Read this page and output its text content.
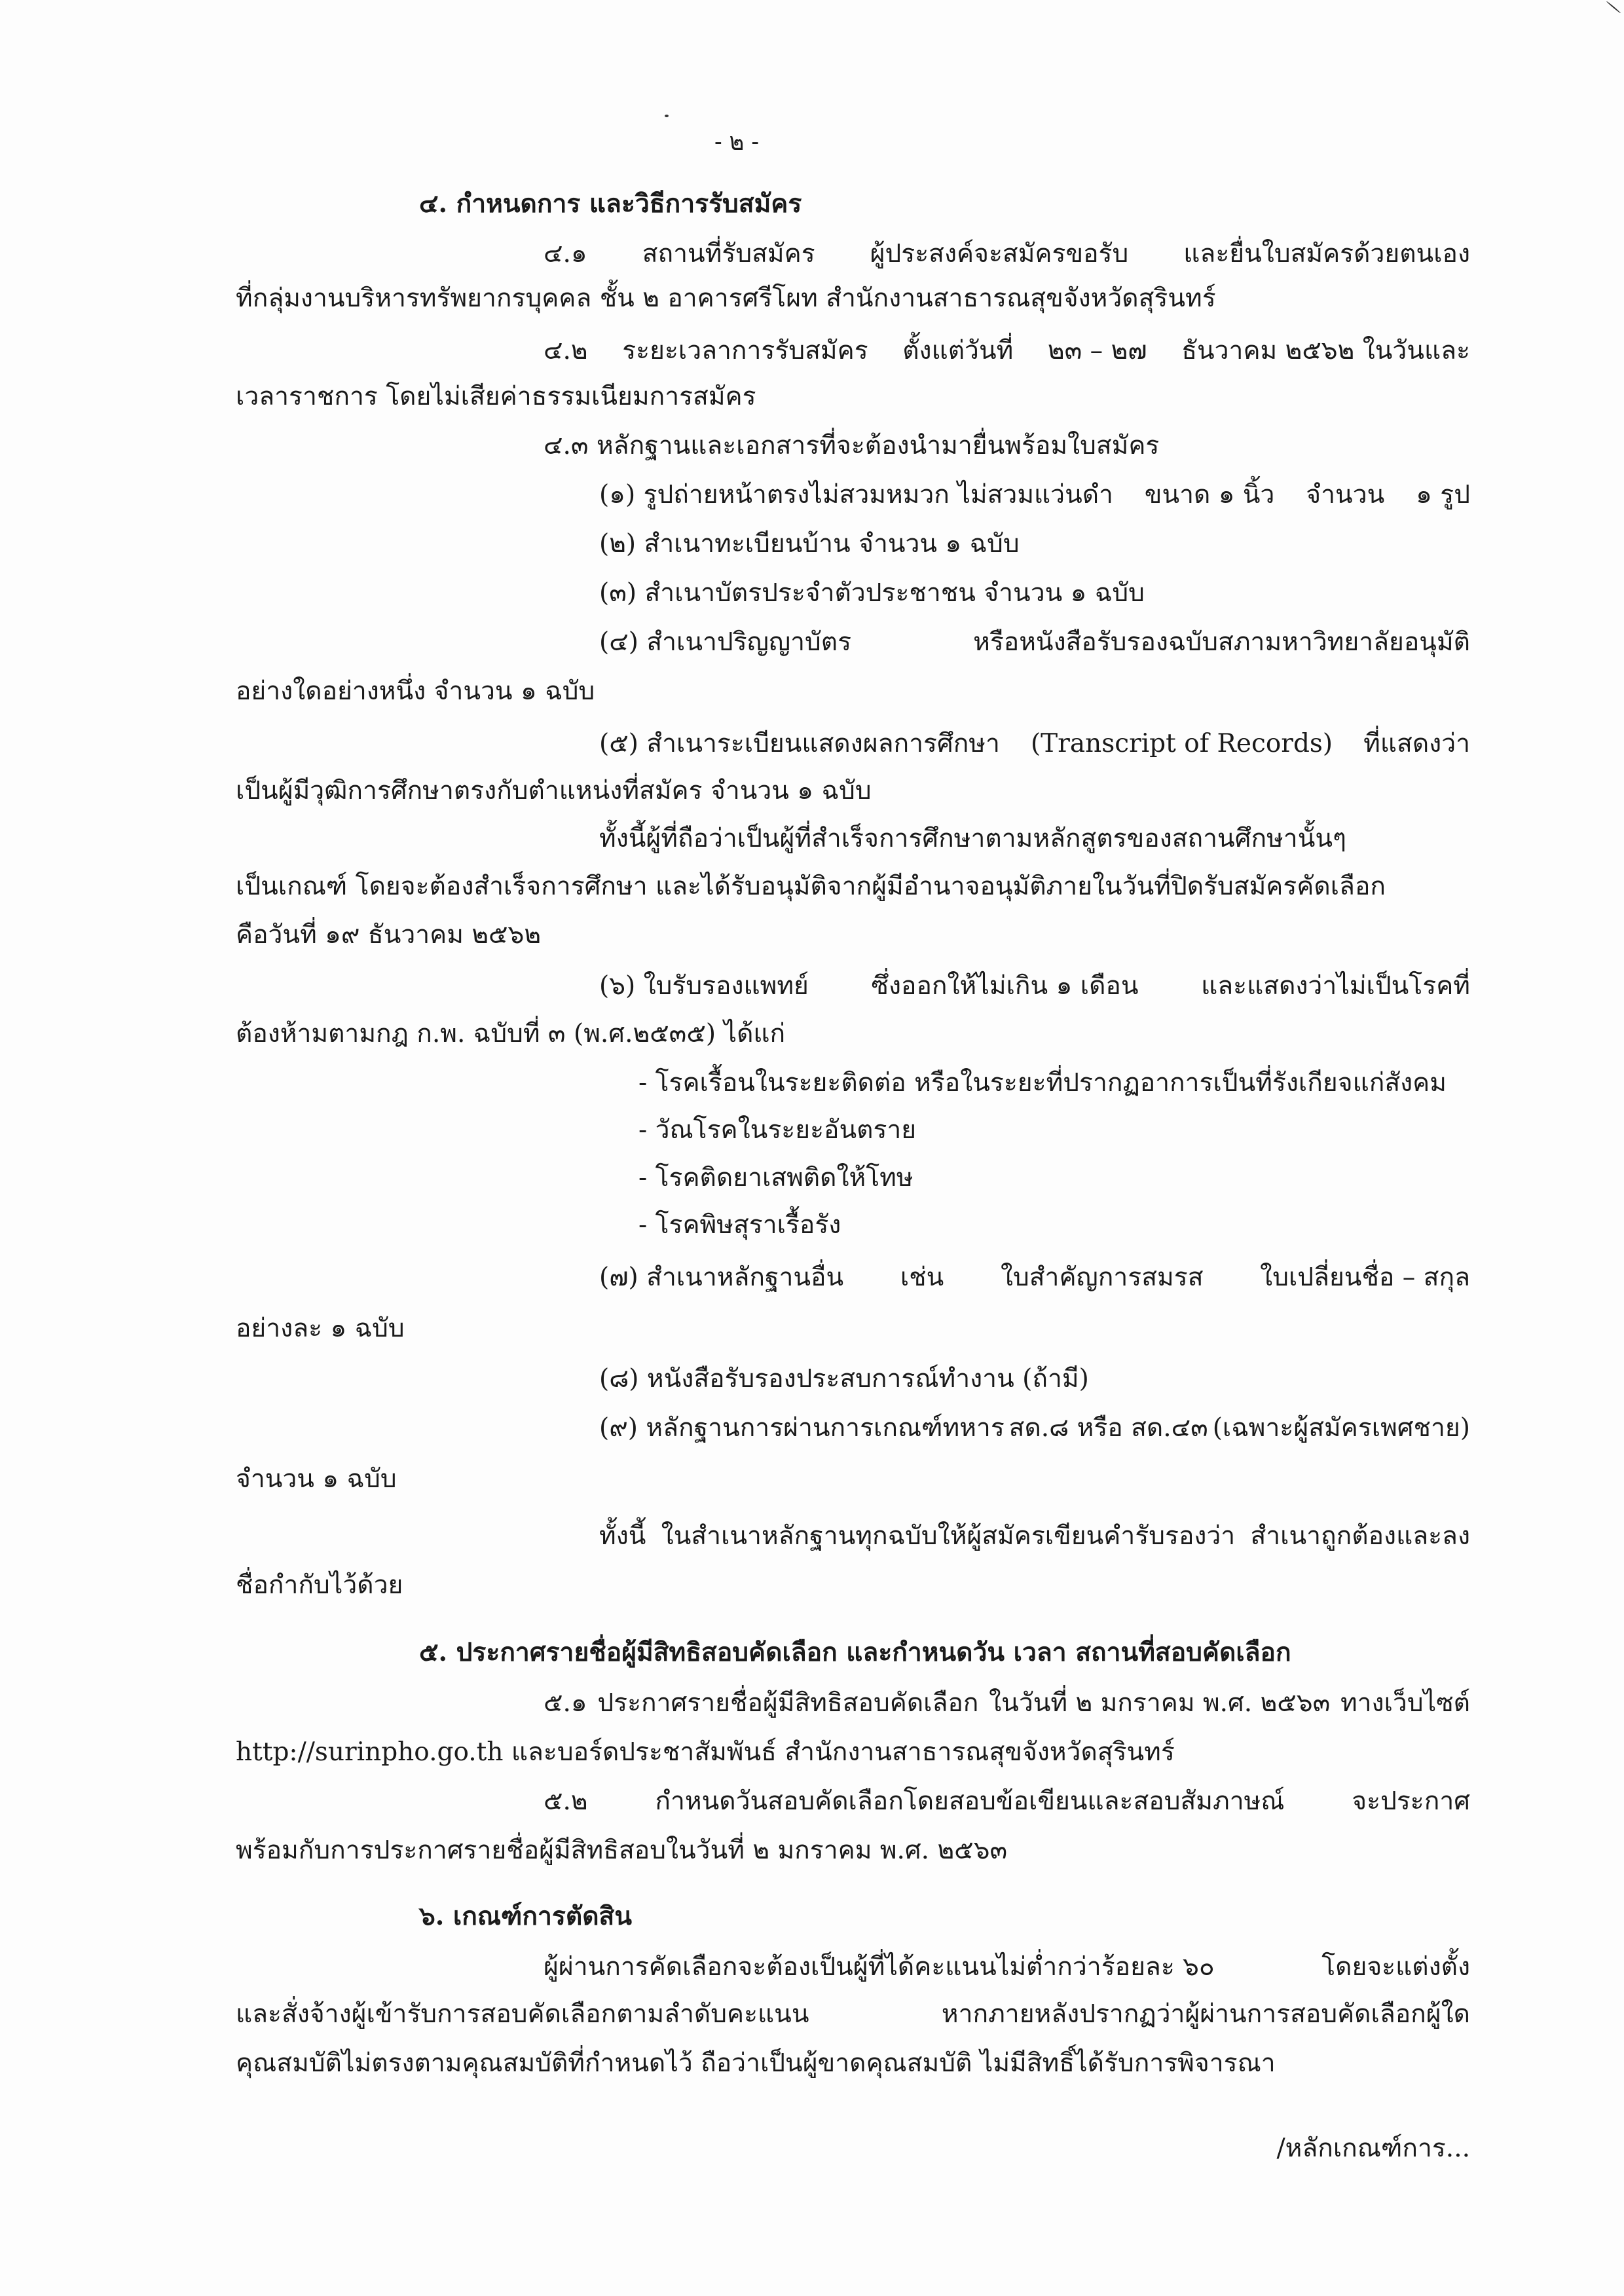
- ๒ -
๔. กำหนดการ และวิธีการรับสมัคร
๔.๑ สถานที่รับสมัคร ผู้ประสงค์จะสมัครขอรับ และยื่นใบสมัครด้วยตนเอง
ที่กลุ่มงานบริหารทรัพยากรบุคคล ชั้น ๒ อาคารศรีโผท สำนักงานสาธารณสุขจังหวัดสุรินทร์
๔.๒ ระยะเวลาการรับสมัคร ตั้งแต่วันที่ ๒๓ – ๒๗ ธันวาคม ๒๕๖๒ ในวันและ
เวลาราชการ โดยไม่เสียค่าธรรมเนียมการสมัคร
๔.๓ หลักฐานและเอกสารที่จะต้องนำมายื่นพร้อมใบสมัคร
(๑) รูปถ่ายหน้าตรงไม่สวมหมวก ไม่สวมแว่นดำ ขนาด ๑ นิ้ว จำนวน ๑ รูป
(๒) สำเนาทะเบียนบ้าน จำนวน ๑ ฉบับ
(๓) สำเนาบัตรประจำตัวประชาชน จำนวน ๑ ฉบับ
(๔) สำเนาปริญญาบัตร	หรือหนังสือรับรองฉบับสภามหาวิทยาลัยอนุมัติ
อย่างใดอย่างหนึ่ง จำนวน ๑ ฉบับ
(๕) สำเนาระเบียนแสดงผลการศึกษา (Transcript of Records) ที่แสดงว่า
เป็นผู้มีวุฒิการศึกษาตรงกับตำแหน่งที่สมัคร จำนวน ๑ ฉบับ
ทั้งนี้ผู้ที่ถือว่าเป็นผู้ที่สำเร็จการศึกษาตามหลักสูตรของสถานศึกษานั้นๆ
เป็นเกณฑ์ โดยจะต้องสำเร็จการศึกษา และได้รับอนุมัติจากผู้มีอำนาจอนุมัติภายในวันที่ปิดรับสมัครคัดเลือก
คือวันที่ ๑๙ ธันวาคม ๒๕๖๒
(๖) ใบรับรองแพทย์ ซึ่งออกให้ไม่เกิน ๑ เดือน และแสดงว่าไม่เป็นโรคที่
ต้องห้ามตามกฎ ก.พ. ฉบับที่ ๓ (พ.ศ.๒๕๓๕) ได้แก่
- โรคเรื้อนในระยะติดต่อ หรือในระยะที่ปรากฏอาการเป็นที่รังเกียจแก่สังคม
- วัณโรคในระยะอันตราย
- โรคติดยาเสพติดให้โทษ
- โรคพิษสุราเรื้อรัง
(๗) สำเนาหลักฐานอื่น เช่น ใบสำคัญการสมรส ใบเปลี่ยนชื่อ – สกุล
อย่างละ ๑ ฉบับ
(๘) หนังสือรับรองประสบการณ์ทำงาน (ถ้ามี)
(๙) หลักฐานการผ่านการเกณฑ์ทหาร สด.๘ หรือ สด.๔๓ (เฉพาะผู้สมัครเพศชาย)
จำนวน ๑ ฉบับ
ทั้งนี้ ในสำเนาหลักฐานทุกฉบับให้ผู้สมัครเขียนคำรับรองว่า สำเนาถูกต้องและลง
ชื่อกำกับไว้ด้วย
๕. ประกาศรายชื่อผู้มีสิทธิสอบคัดเลือก และกำหนดวัน เวลา สถานที่สอบคัดเลือก
๕.๑ ประกาศรายชื่อผู้มีสิทธิสอบคัดเลือก ในวันที่ ๒ มกราคม พ.ศ. ๒๕๖๓ ทางเว็บไซต์
http://surinpho.go.th และบอร์ดประชาสัมพันธ์ สำนักงานสาธารณสุขจังหวัดสุรินทร์
๕.๒	กำหนดวันสอบคัดเลือกโดยสอบข้อเขียนและสอบสัมภาษณ์	จะประกาศ
พร้อมกับการประกาศรายชื่อผู้มีสิทธิสอบในวันที่ ๒ มกราคม พ.ศ. ๒๕๖๓
๖. เกณฑ์การตัดสิน
ผู้ผ่านการคัดเลือกจะต้องเป็นผู้ที่ได้คะแนนไม่ต่ำกว่าร้อยละ ๖๐	โดยจะแต่งตั้ง
และสั่งจ้างผู้เข้ารับการสอบคัดเลือกตามลำดับคะแนน	หากภายหลังปรากฏว่าผู้ผ่านการสอบคัดเลือกผู้ใด
คุณสมบัติไม่ตรงตามคุณสมบัติที่กำหนดไว้ ถือว่าเป็นผู้ขาดคุณสมบัติ ไม่มีสิทธิ์ได้รับการพิจารณา
/หลักเกณฑ์การ...
